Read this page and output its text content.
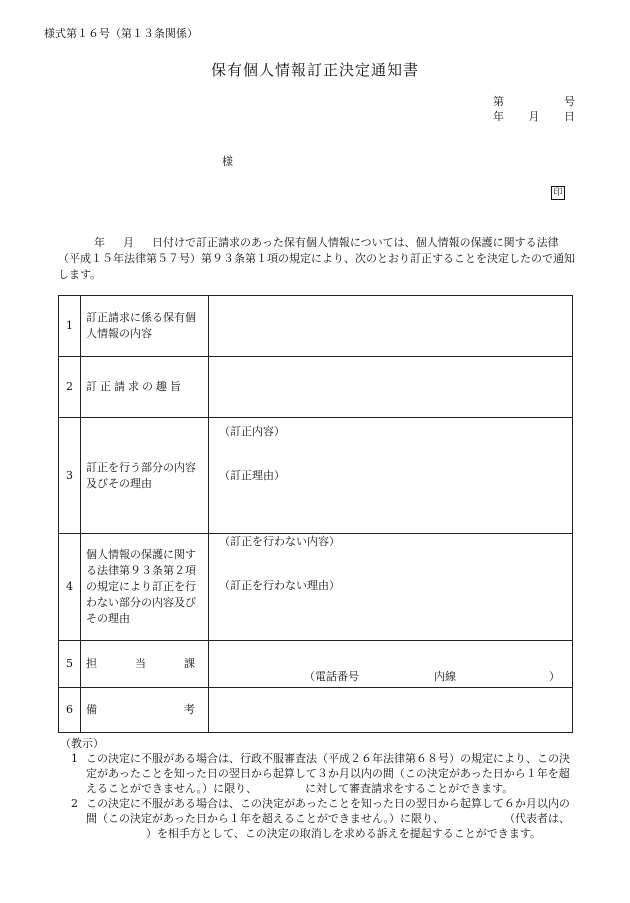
様式第１６号（第１３条関係）
保有個人情報訂正決定通知書
第	号
年 月 日
様
印
年 月 日付けで訂正請求のあった保有個人情報については、個人情報の保護に関する法律（平成１５年法律第５７号）第９３条第１項の規定により、次のとおり訂正することを決定したので通知します。
1	訂正請求に係る保有個人情報の内容	
2	訂正請求の趣旨	
3	訂正を行う部分の内容及びその理由	（訂正内容）
（訂正理由）

4	個人情報の保護に関する法律第９３条第２項の規定により訂正を行わない部分の内容及びその理由	（訂正を行わない内容）
（訂正を行わない理由）

5	担 当 課	（電話番号 内線 ）

6	備 考	

（教示）
1 この決定に不服がある場合は、行政不服審査法（平成２６年法律第６８号）の規定により、この決定があったことを知った日の翌日から起算して３か月以内の間（この決定があった日から１年を超えることができません。）に限り、	に対して審査請求をすることができます。
2 この決定に不服がある場合は、この決定があったことを知った日の翌日から起算して６か月以内の間（この決定があった日から１年を超えることができません。）に限り、	（代表者は、）を相手方として、この決定の取消しを求める訴えを提起することができます。
